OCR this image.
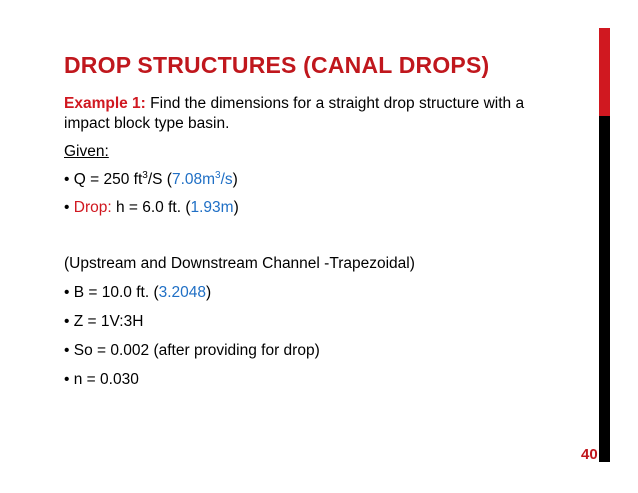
DROP STRUCTURES (CANAL DROPS)

Example 1: Find the dimensions for a straight drop structure with a
impact block type basin.

Given:

• Q = 250 $ft^3/S$ $(7.08m^3/s)$

• Drop: h = 6.0 ft. (1.93m)

(Upstream and Downstream Channel -Trapezoidal)

• B = 10.0 ft. (3.2048)

• Z = 1V:3H

• So = 0.002 (after providing for drop)

• n = 0.030

40
